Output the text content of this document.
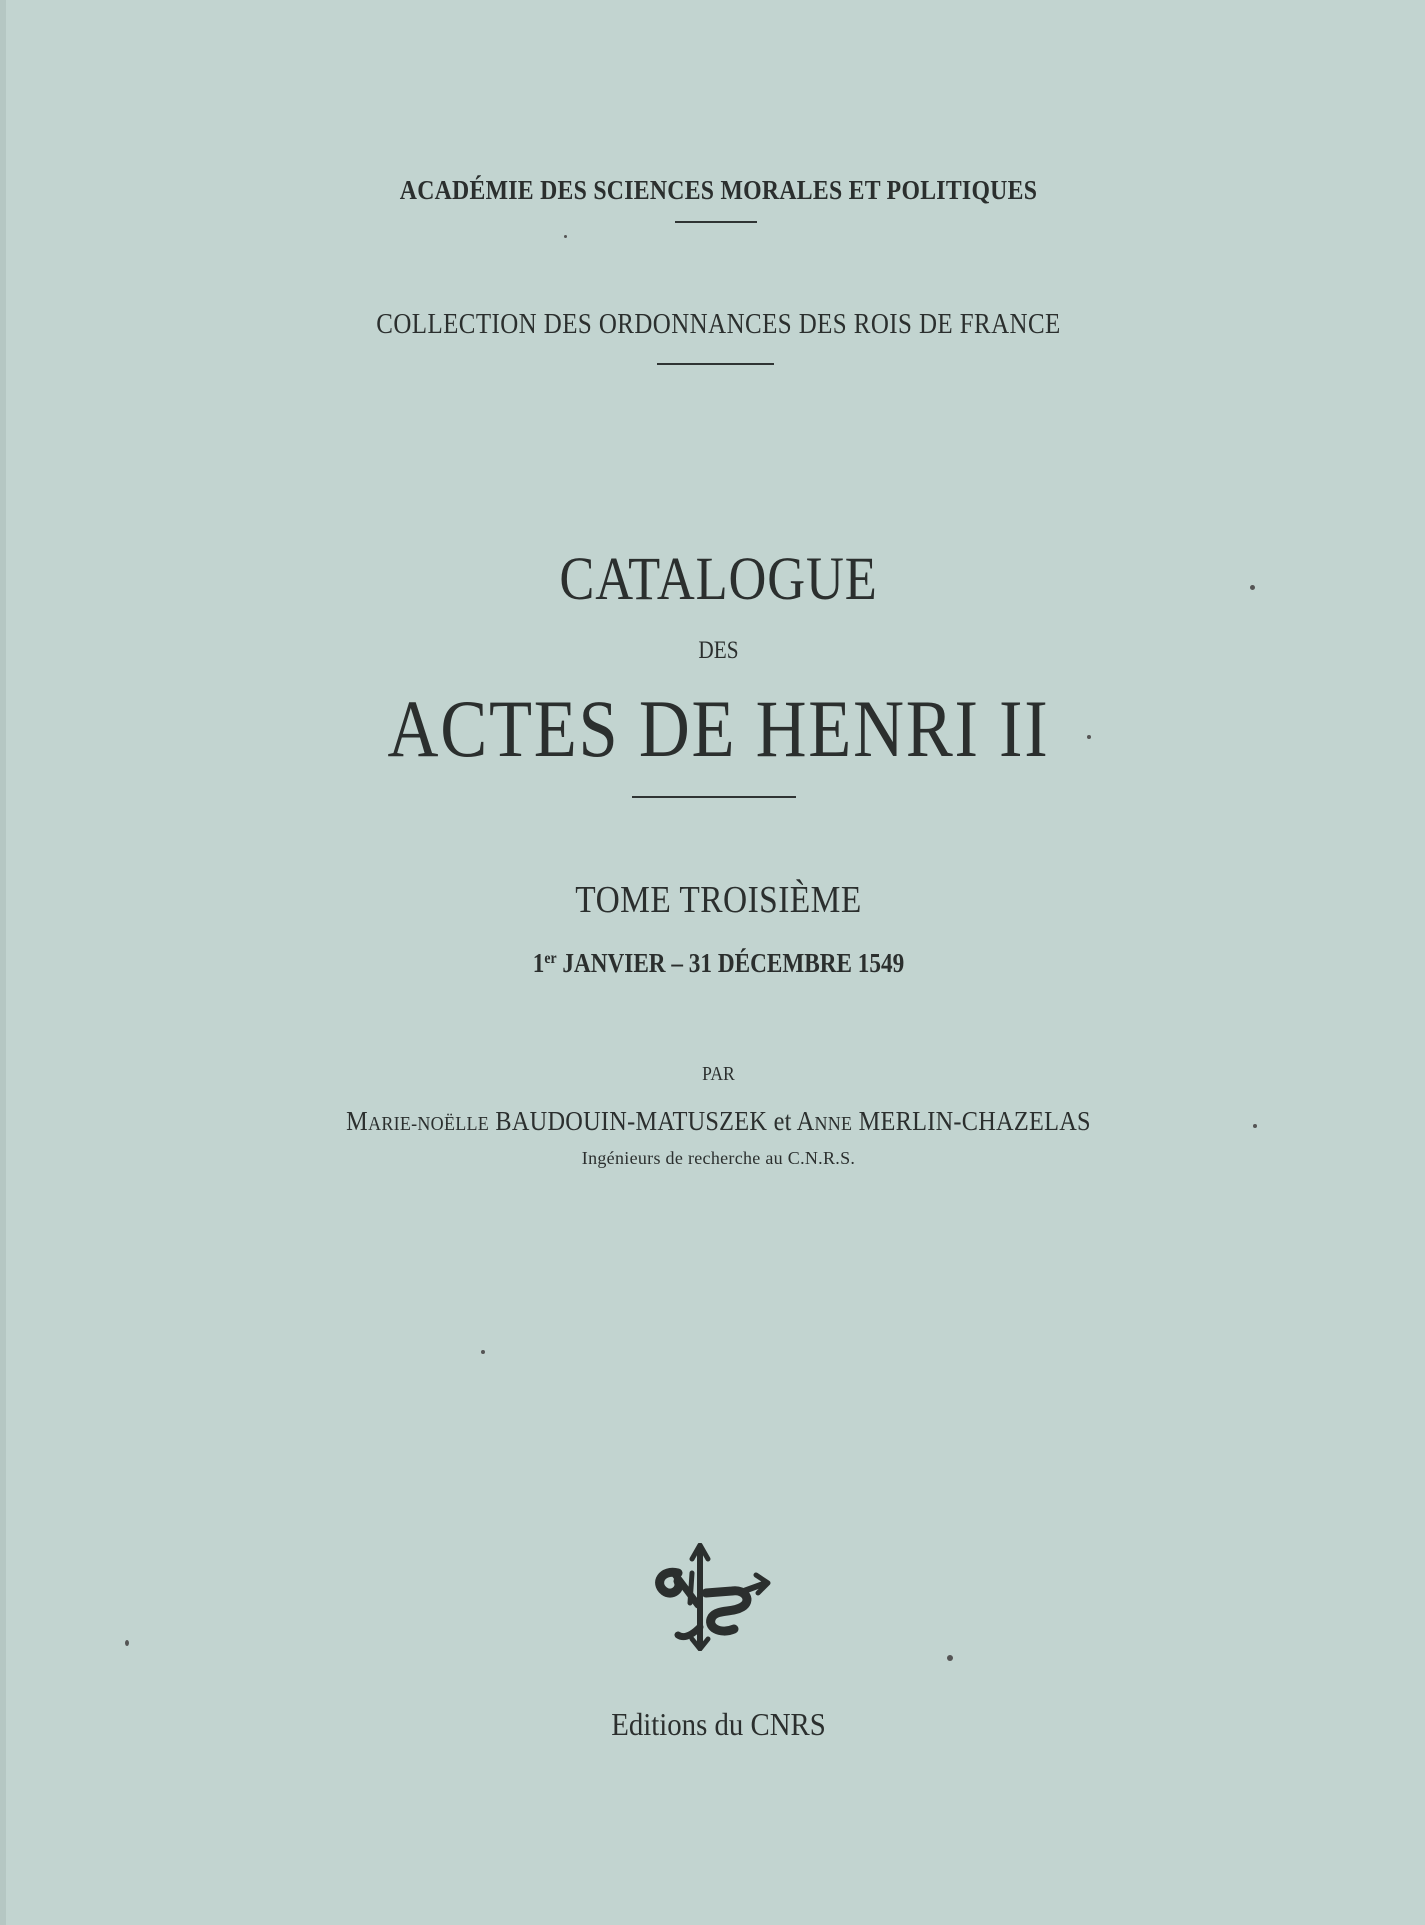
ACADÉMIE DES SCIENCES MORALES ET POLITIQUES
COLLECTION DES ORDONNANCES DES ROIS DE FRANCE
CATALOGUE
DES
ACTES DE HENRI II
TOME TROISIÈME
1er JANVIER – 31 DÉCEMBRE 1549
PAR
MARIE-NOËLLE BAUDOUIN-MATUSZEK et ANNE MERLIN-CHAZELAS
Ingénieurs de recherche au C.N.R.S.
Editions du CNRS
